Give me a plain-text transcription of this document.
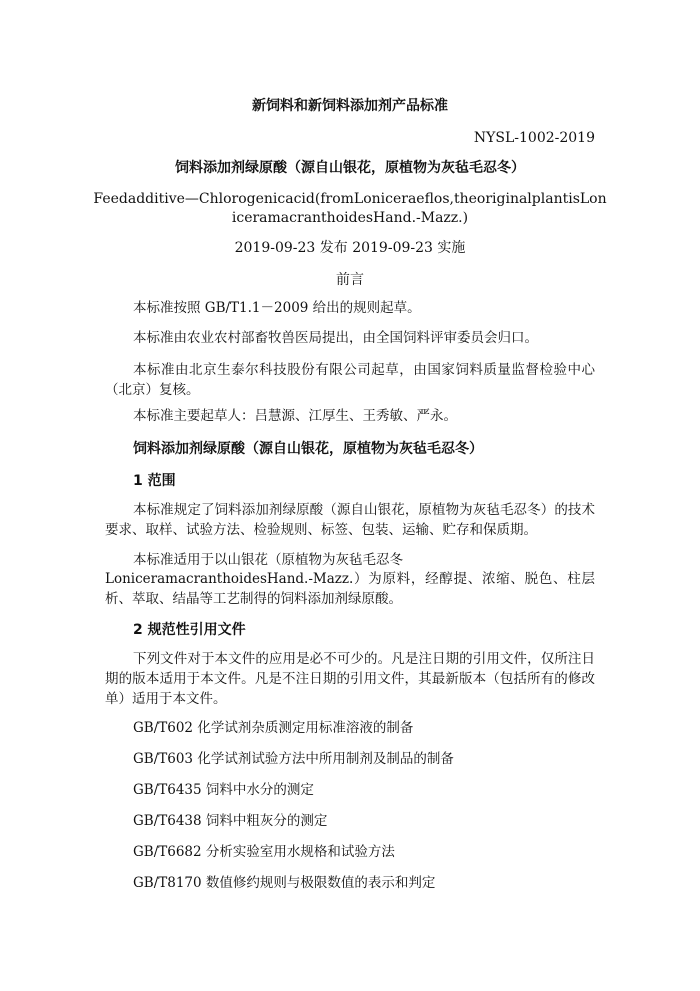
新饲料和新饲料添加剂产品标准
NYSL-1002-2019
饲料添加剂绿原酸（源自山银花，原植物为灰毡毛忍冬）
Feedadditive—Chlorogenicacid(fromLoniceraeflos,theoriginalplantisLon
iceramacranthoidesHand.-Mazz.)
2019-09-23 发布 2019-09-23 实施
前言

本标准按照 GB/T1.1－2009 给出的规则起草。

本标准由农业农村部畜牧兽医局提出，由全国饲料评审委员会归口。

本标准由北京生泰尔科技股份有限公司起草，由国家饲料质量监督检验中心（北京）复核。

本标准主要起草人：吕慧源、江厚生、王秀敏、严永。

饲料添加剂绿原酸（源自山银花，原植物为灰毡毛忍冬）
1 范围

本标准规定了饲料添加剂绿原酸（源自山银花，原植物为灰毡毛忍冬）的技术要求、取样、试验方法、检验规则、标签、包装、运输、贮存和保质期。

本标准适用于以山银花（原植物为灰毡毛忍冬

LoniceramacranthoidesHand.-Mazz.）为原料，经醇提、浓缩、脱色、柱层析、萃取、结晶等工艺制得的饲料添加剂绿原酸。

2 规范性引用文件

下列文件对于本文件的应用是必不可少的。凡是注日期的引用文件，仅所注日期的版本适用于本文件。凡是不注日期的引用文件，其最新版本（包括所有的修改单）适用于本文件。

GB/T602 化学试剂杂质测定用标准溶液的制备
GB/T603 化学试剂试验方法中所用制剂及制品的制备
GB/T6435 饲料中水分的测定
GB/T6438 饲料中粗灰分的测定
GB/T6682 分析实验室用水规格和试验方法
GB/T8170 数值修约规则与极限数值的表示和判定
